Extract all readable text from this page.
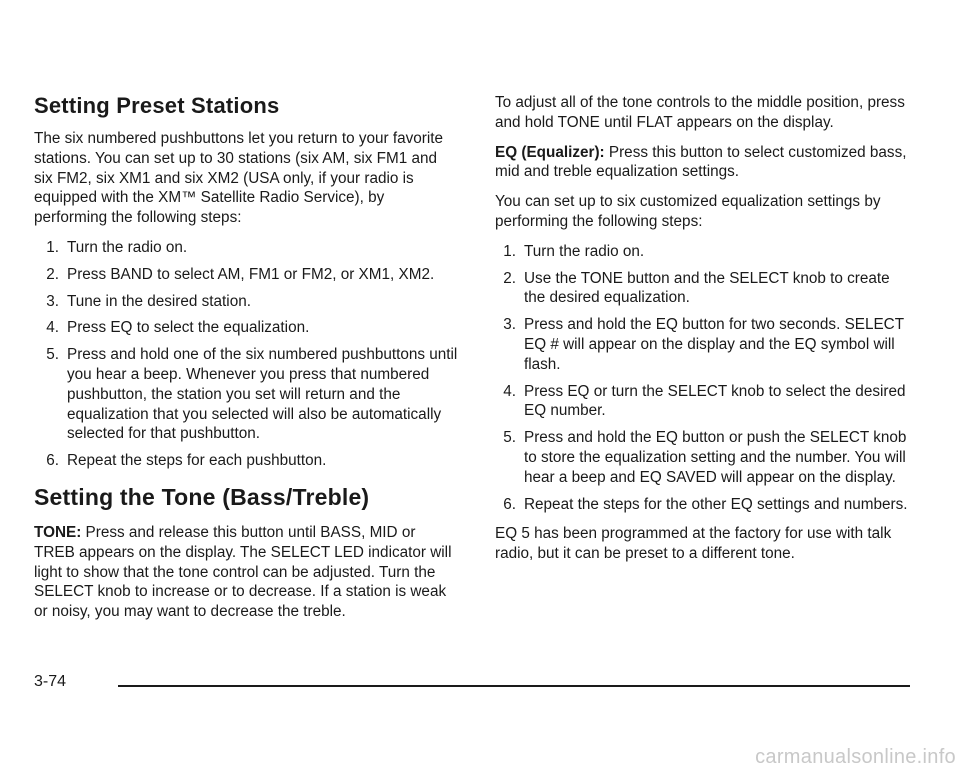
Setting Preset Stations

The six numbered pushbuttons let you return to your favorite stations. You can set up to 30 stations (six AM, six FM1 and six FM2, six XM1 and six XM2 (USA only, if your radio is equipped with the XM™ Satellite Radio Service), by performing the following steps:

1. Turn the radio on.
2. Press BAND to select AM, FM1 or FM2, or XM1, XM2.
3. Tune in the desired station.
4. Press EQ to select the equalization.
5. Press and hold one of the six numbered pushbuttons until you hear a beep. Whenever you press that numbered pushbutton, the station you set will return and the equalization that you selected will also be automatically selected for that pushbutton.
6. Repeat the steps for each pushbutton.
Setting the Tone (Bass/Treble)

TONE: Press and release this button until BASS, MID or TREB appears on the display. The SELECT LED indicator will light to show that the tone control can be adjusted. Turn the SELECT knob to increase or to decrease. If a station is weak or noisy, you may want to decrease the treble.

To adjust all of the tone controls to the middle position, press and hold TONE until FLAT appears on the display.

EQ (Equalizer): Press this button to select customized bass, mid and treble equalization settings.

You can set up to six customized equalization settings by performing the following steps:

1. Turn the radio on.
2. Use the TONE button and the SELECT knob to create the desired equalization.
3. Press and hold the EQ button for two seconds. SELECT EQ # will appear on the display and the EQ symbol will flash.
4. Press EQ or turn the SELECT knob to select the desired EQ number.
5. Press and hold the EQ button or push the SELECT knob to store the equalization setting and the number. You will hear a beep and EQ SAVED will appear on the display.
6. Repeat the steps for the other EQ settings and numbers.

EQ 5 has been programmed at the factory for use with talk radio, but it can be preset to a different tone.

3-74
carmanualsonline.info
